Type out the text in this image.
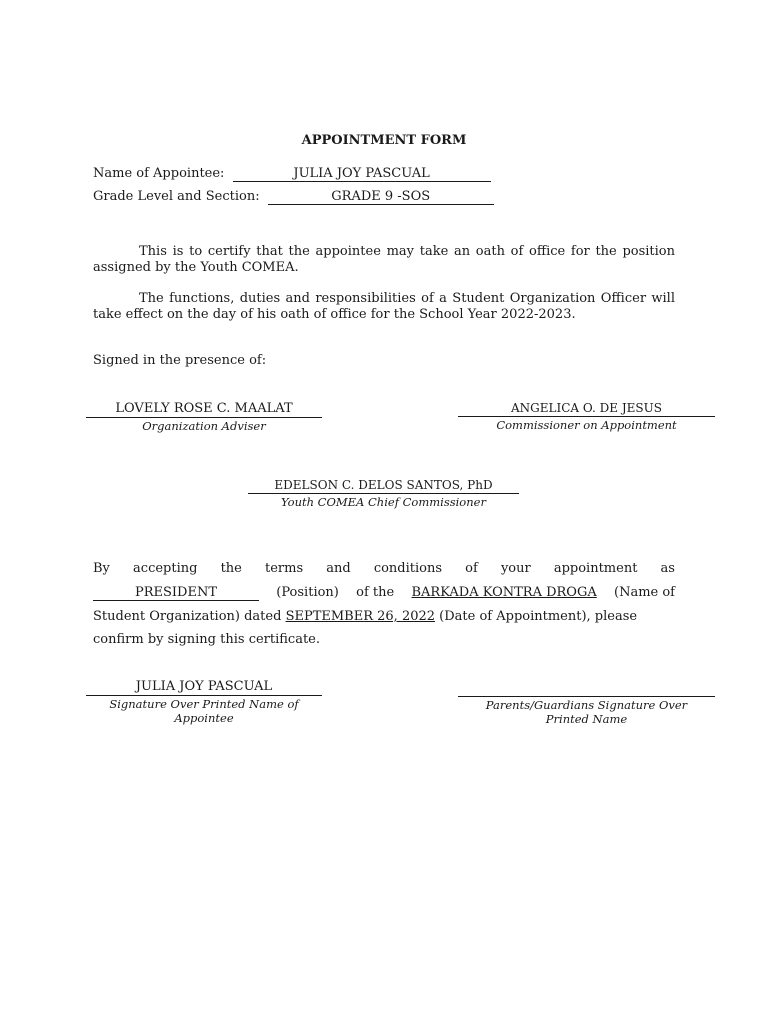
APPOINTMENT FORM
Name of Appointee:	JULIA JOY PASCUAL
Grade Level and Section:	GRADE 9 -SOS
This is to certify that the appointee may take an oath of office for the position assigned by the Youth COMEA.
The functions, duties and responsibilities of a Student Organization Officer will take effect on the day of his oath of office for the School Year 2022-2023.
Signed in the presence of:
LOVELY ROSE C. MAALAT
Organization Adviser
ANGELICA O. DE JESUS
Commissioner on Appointment
EDELSON C. DELOS SANTOS, PhD
Youth COMEA Chief Commissioner
By accepting the terms and conditions of your appointment as
PRESIDENT	(Position) of the BARKADA KONTRA DROGA (Name of
Student Organization) dated SEPTEMBER 26, 2022 (Date of Appointment), please
confirm by signing this certificate.
JULIA JOY PASCUAL
Signature Over Printed Name of
Appointee
Parents/Guardians Signature Over
Printed Name
